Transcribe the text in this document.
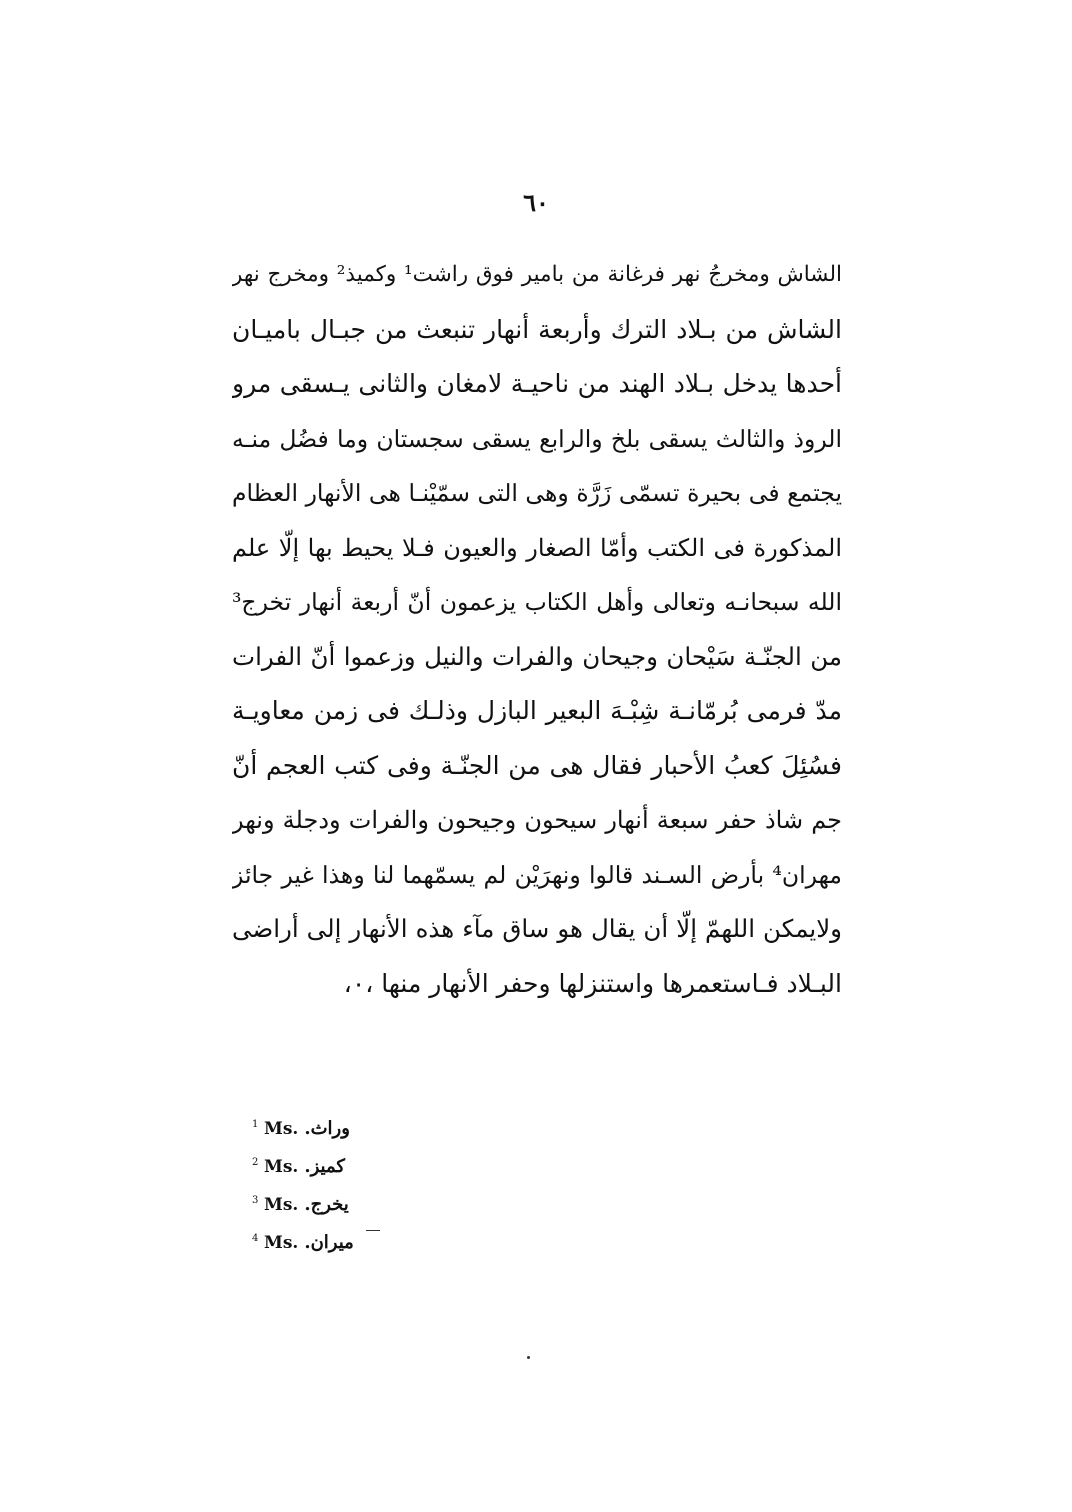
٦٠
الشاش ومخرجُ نهر فرغانة من بامير فوق راشت¹ وكميذ² ومخرج نهر
الشاش من بـلاد الترك وأربعة أنهار تنبعث من جبـال باميـان
أحدها يدخل بـلاد الهند من ناحيـة لامغان والثانى يـسقى مرو
الروذ والثالث يسقى بلخ والرابع يسقى سجستان وما فضُل منـه
يجتمع فى بحيرة تسمّى زَرَّة وهى التى سمّيْنـا هى الأنهار العظام
المذكورة فى الكتب وأمّا الصغار والعيون فـلا يحيط بها إلّا علم
الله سبحانـه وتعالى وأهل الكتاب يزعمون أنّ أربعة أنهار تخرج³
من الجنّـة سَيْحان وجيحان والفرات والنيل وزعموا أنّ الفرات
مدّ فرمى بُرمّانـة شِبْـهَ البعير البازل وذلـك فى زمن معاويـة
فسُئِلَ كعبُ الأحبار فقال هى من الجنّـة وفى كتب العجم أنّ
جم شاذ حفر سبعة أنهار سيحون وجيحون والفرات ودجلة ونهر
مهران⁴ بأرض السـند قالوا ونهرَيْن لم يسمّهما لنا وهذا غير جائز
ولايمكن اللهمّ إلّا أن يقال هو ساق مآء هذه الأنهار إلى أراضى
البـلاد فـاستعمرها واستنزلها وحفر الأنهار منها ،۰،
1 Ms. وراث.
2 Ms. كميز.
3 Ms. يخرج.
4 Ms. ميران.
